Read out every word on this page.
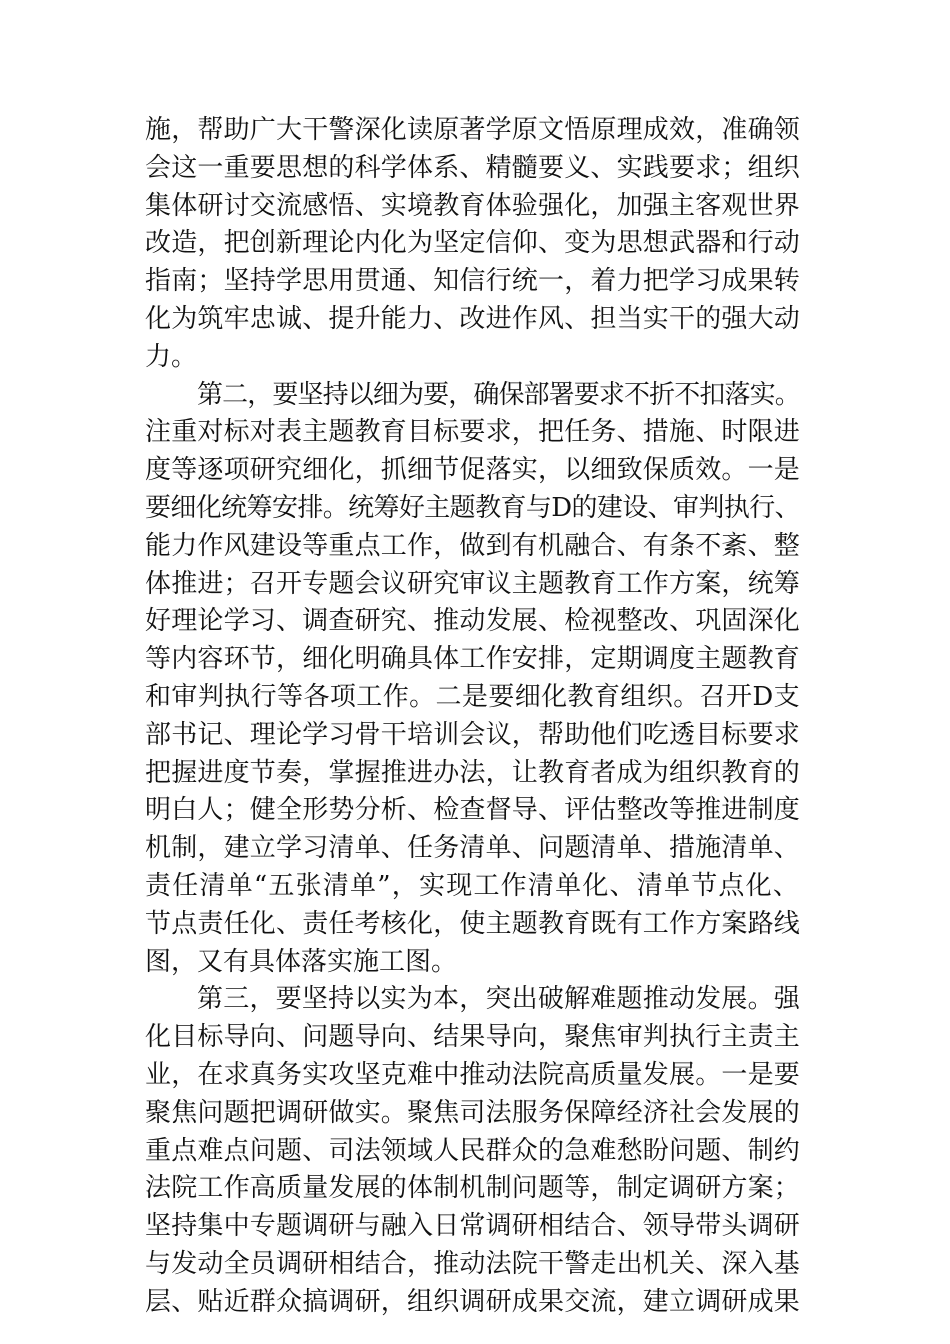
施，帮助广大干警深化读原著学原文悟原理成效，准确领
会这一重要思想的科学体系、精髓要义、实践要求；组织
集体研讨交流感悟、实境教育体验强化，加强主客观世界
改造，把创新理论内化为坚定信仰、变为思想武器和行动
指南；坚持学思用贯通、知信行统一，着力把学习成果转
化为筑牢忠诚、提升能力、改进作风、担当实干的强大动
力。
第二，要坚持以细为要，确保部署要求不折不扣落实。
注重对标对表主题教育目标要求，把任务、措施、时限进
度等逐项研究细化，抓细节促落实，以细致保质效。一是
要细化统筹安排。统筹好主题教育与D的建设、审判执行、
能力作风建设等重点工作，做到有机融合、有条不紊、整
体推进；召开专题会议研究审议主题教育工作方案，统筹
好理论学习、调查研究、推动发展、检视整改、巩固深化
等内容环节，细化明确具体工作安排，定期调度主题教育
和审判执行等各项工作。二是要细化教育组织。召开D支
部书记、理论学习骨干培训会议，帮助他们吃透目标要求
把握进度节奏，掌握推进办法，让教育者成为组织教育的
明白人；健全形势分析、检查督导、评估整改等推进制度
机制，建立学习清单、任务清单、问题清单、措施清单、
责任清单“五张清单”，实现工作清单化、清单节点化、
节点责任化、责任考核化，使主题教育既有工作方案路线
图，又有具体落实施工图。
第三，要坚持以实为本，突出破解难题推动发展。强
化目标导向、问题导向、结果导向，聚焦审判执行主责主
业，在求真务实攻坚克难中推动法院高质量发展。一是要
聚焦问题把调研做实。聚焦司法服务保障经济社会发展的
重点难点问题、司法领域人民群众的急难愁盼问题、制约
法院工作高质量发展的体制机制问题等，制定调研方案；
坚持集中专题调研与融入日常调研相结合、领导带头调研
与发动全员调研相结合，推动法院干警走出机关、深入基
层、贴近群众搞调研，组织调研成果交流，建立调研成果
